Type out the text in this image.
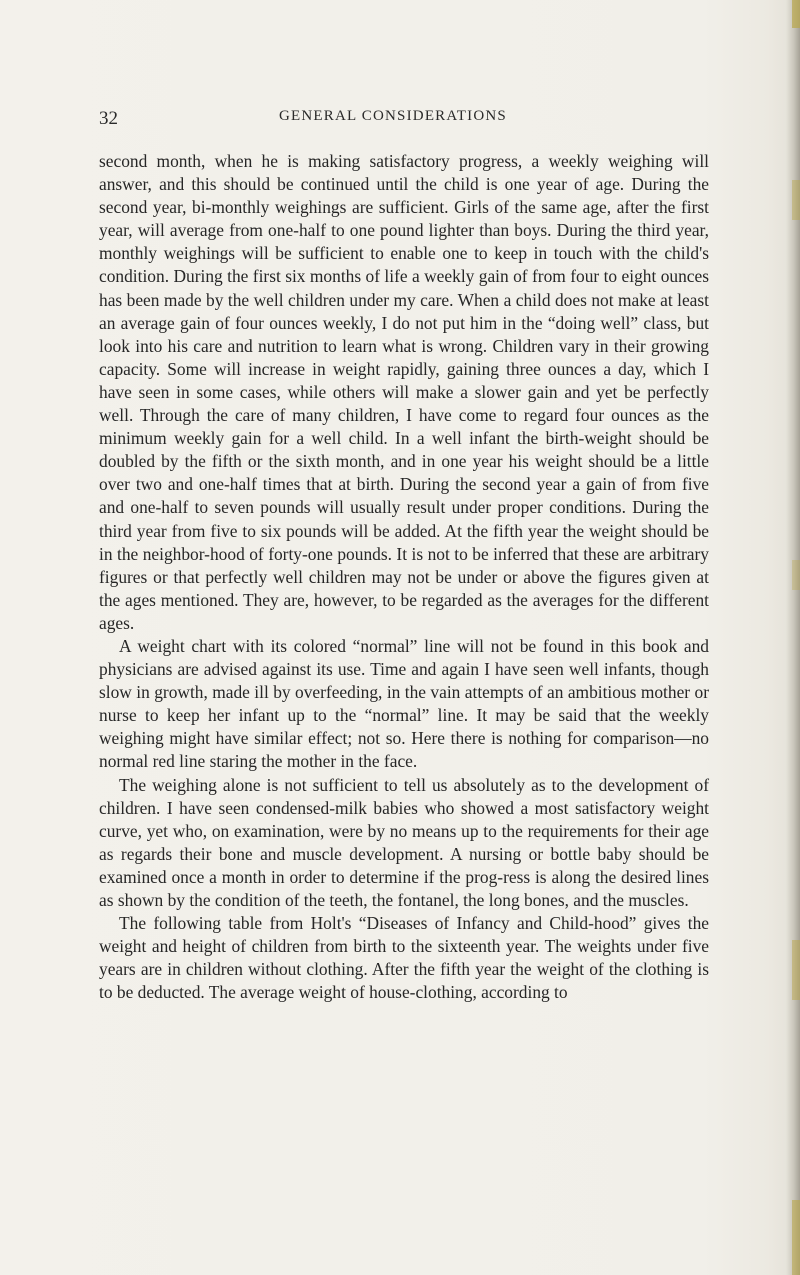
32	GENERAL CONSIDERATIONS

second month, when he is making satisfactory progress, a weekly weighing will answer, and this should be continued until the child is one year of age. During the second year, bi-monthly weighings are sufficient. Girls of the same age, after the first year, will average from one-half to one pound lighter than boys. During the third year, monthly weighings will be sufficient to enable one to keep in touch with the child's condition. During the first six months of life a weekly gain of from four to eight ounces has been made by the well children under my care. When a child does not make at least an average gain of four ounces weekly, I do not put him in the “doing well” class, but look into his care and nutrition to learn what is wrong. Children vary in their growing capacity. Some will increase in weight rapidly, gaining three ounces a day, which I have seen in some cases, while others will make a slower gain and yet be perfectly well. Through the care of many children, I have come to regard four ounces as the minimum weekly gain for a well child. In a well infant the birth-weight should be doubled by the fifth or the sixth month, and in one year his weight should be a little over two and one-half times that at birth. During the second year a gain of from five and one-half to seven pounds will usually result under proper conditions. During the third year from five to six pounds will be added. At the fifth year the weight should be in the neighbor-hood of forty-one pounds. It is not to be inferred that these are arbitrary figures or that perfectly well children may not be under or above the figures given at the ages mentioned. They are, however, to be regarded as the averages for the different ages.

A weight chart with its colored “normal” line will not be found in this book and physicians are advised against its use. Time and again I have seen well infants, though slow in growth, made ill by overfeeding, in the vain attempts of an ambitious mother or nurse to keep her infant up to the “normal” line. It may be said that the weekly weighing might have similar effect; not so. Here there is nothing for comparison—no normal red line staring the mother in the face.

The weighing alone is not sufficient to tell us absolutely as to the development of children. I have seen condensed-milk babies who showed a most satisfactory weight curve, yet who, on examination, were by no means up to the requirements for their age as regards their bone and muscle development. A nursing or bottle baby should be examined once a month in order to determine if the prog-ress is along the desired lines as shown by the condition of the teeth, the fontanel, the long bones, and the muscles.

The following table from Holt's “Diseases of Infancy and Child-hood” gives the weight and height of children from birth to the sixteenth year. The weights under five years are in children without clothing. After the fifth year the weight of the clothing is to be deducted. The average weight of house-clothing, according to
